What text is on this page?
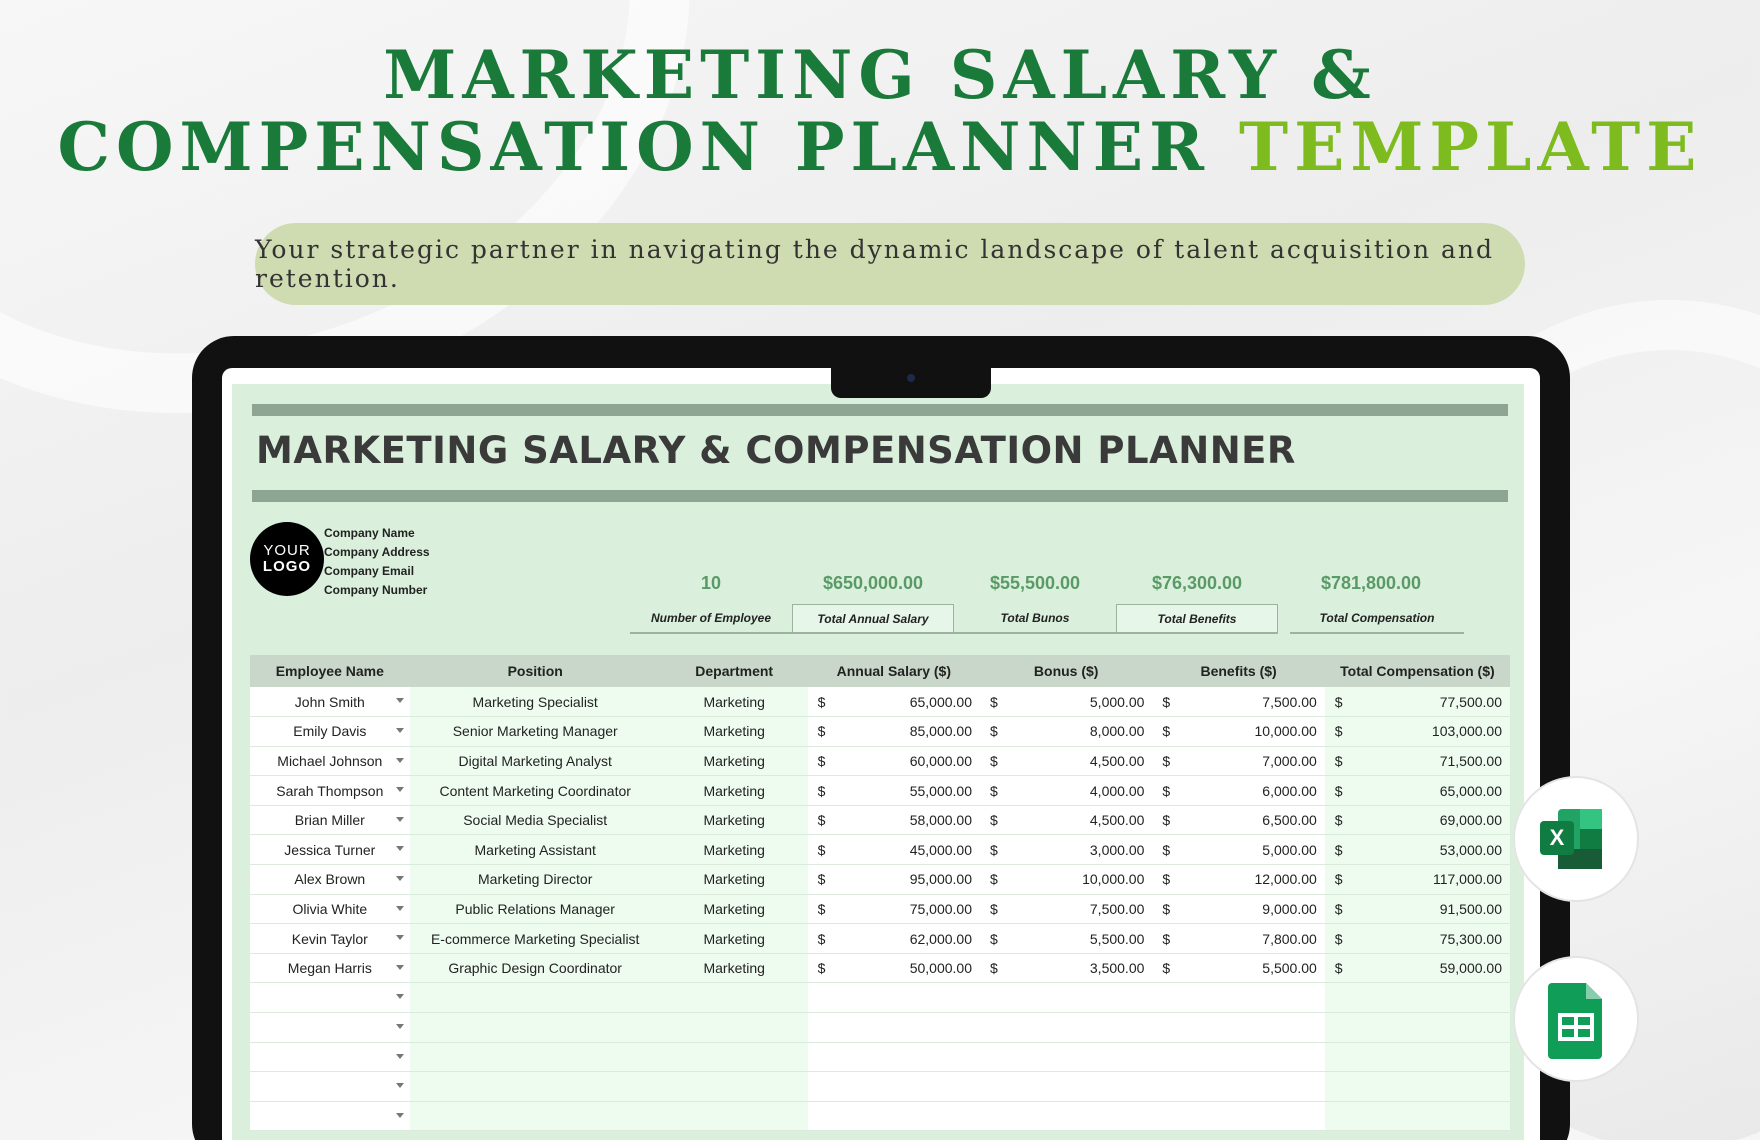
MARKETING SALARY &
COMPENSATION PLANNER TEMPLATE
Your strategic partner in navigating the dynamic landscape of talent acquisition and retention.
MARKETING SALARY & COMPENSATION PLANNER
YOUR
LOGO
Company Name
Company Address
Company Email
Company Number	10	$650,000.00	$55,500.00	$76,300.00	$781,800.00
Number of Employee	Total Annual Salary	Total Bunos	Total Benefits	Total Compensation
Employee Name	Position	Department	Annual Salary ($)	Bonus ($)	Benefits ($)	Total Compensation ($)
John Smith	Marketing Specialist	Marketing	$ 65,000.00	$ 5,000.00	$ 7,500.00	$ 77,500.00

Emily Davis	Senior Marketing Manager	Marketing	$ 85,000.00	$ 8,000.00	$ 10,000.00	$ 103,000.00

Michael Johnson	Digital Marketing Analyst	Marketing	$ 60,000.00	$ 4,500.00	$ 7,000.00	$ 71,500.00

Sarah Thompson	Content Marketing Coordinator	Marketing	$ 55,000.00	$ 4,000.00	$ 6,000.00	$ 65,000.00

Brian Miller	Social Media Specialist	Marketing	$ 58,000.00	$ 4,500.00	$ 6,500.00	$ 69,000.00

Jessica Turner	Marketing Assistant	Marketing	$ 45,000.00	$ 3,000.00	$ 5,000.00	$ 53,000.00

Alex Brown	Marketing Director	Marketing	$ 95,000.00	$ 10,000.00	$ 12,000.00	$ 117,000.00

Olivia White	Public Relations Manager	Marketing	$ 75,000.00	$ 7,500.00	$ 9,000.00	$ 91,500.00

Kevin Taylor	E-commerce Marketing Specialist	Marketing	$ 62,000.00	$ 5,500.00	$ 7,800.00	$ 75,300.00

Megan Harris	Graphic Design Coordinator	Marketing	$ 50,000.00	$ 3,500.00	$ 5,500.00	$ 59,000.00

X
